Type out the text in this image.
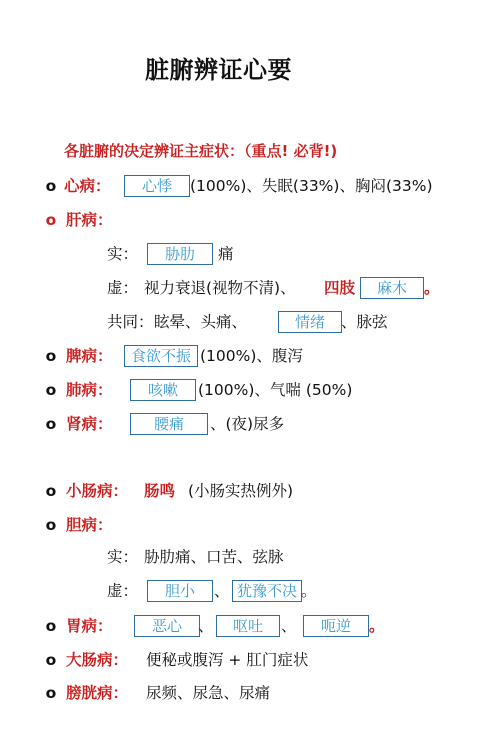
脏腑辨证心要
各脏腑的决定辨证主症状：（重点! 必背!)
o 心病：	心悸	(100%)、失眠(33%)、胸闷(33%)
o 肝病：
实：	胁肋	痛
虚： 视力衰退(视物不清)、 四肢	麻木	。
共同： 眩晕、头痛、	情绪	、脉弦
o 脾病：	食欲不振 (100%)、腹泻
o 肺病：	咳嗽	(100%)、气喘 (50%)
o 肾病：	腰痛	、(夜)尿多
o 小肠病： 肠鸣 (小肠实热例外)
o 胆病：
实： 胁肋痛、口苦、弦脉
虚：	胆小	、 犹豫不决 。
o 胃病：	恶心	、	呕吐	、	呃逆	。
o 大肠病： 便秘或腹泻 + 肛门症状
o 膀胱病： 尿频、尿急、尿痛
